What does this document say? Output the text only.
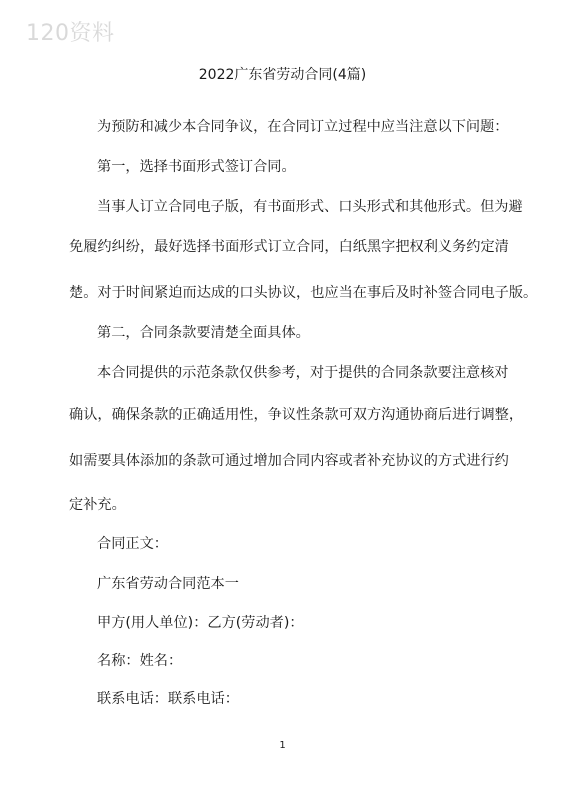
120资料
2022广东省劳动合同(4篇)
为预防和减少本合同争议，在合同订立过程中应当注意以下问题：
第一，选择书面形式签订合同。
当事人订立合同电子版，有书面形式、口头形式和其他形式。但为避
免履约纠纷，最好选择书面形式订立合同，白纸黑字把权利义务约定清
楚。对于时间紧迫而达成的口头协议，也应当在事后及时补签合同电子版。
第二，合同条款要清楚全面具体。
本合同提供的示范条款仅供参考，对于提供的合同条款要注意核对
确认，确保条款的正确适用性，争议性条款可双方沟通协商后进行调整，
如需要具体添加的条款可通过增加合同内容或者补充协议的方式进行约
定补充。
合同正文：
广东省劳动合同范本一
甲方(用人单位)：乙方(劳动者)：
名称：姓名：
联系电话：联系电话：
1
